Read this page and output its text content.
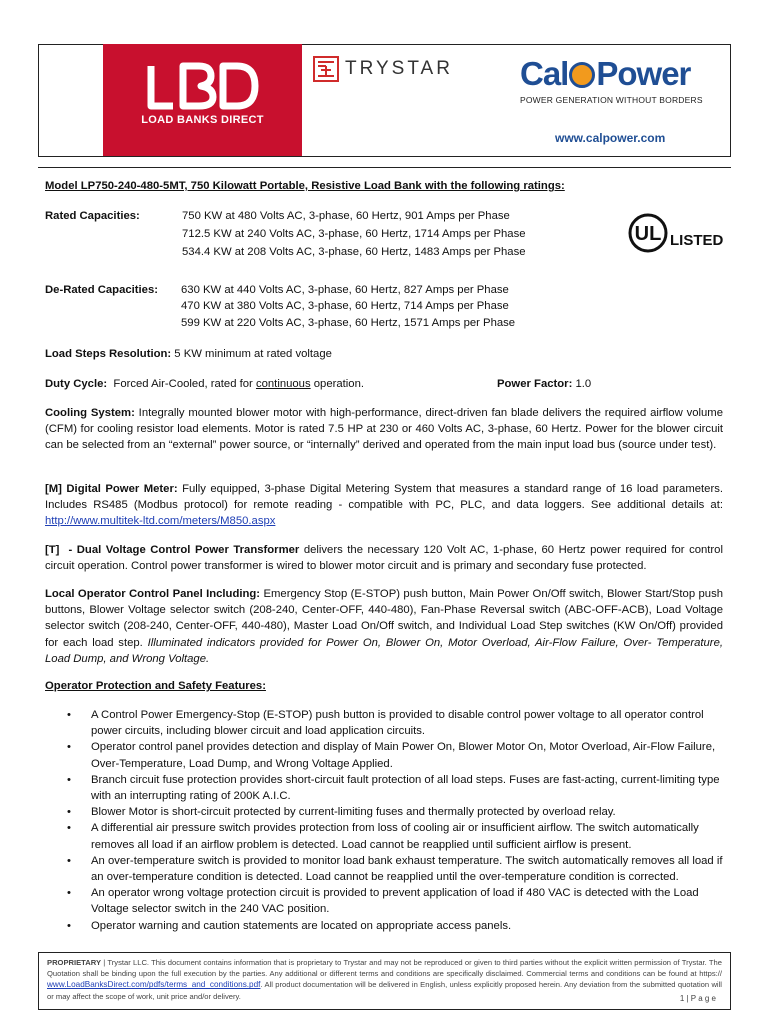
LOAD BANKS DIRECT
TRYSTAR Cal Power
POWER GENERATION WITHOUT BORDERS
www.calpower.com
Model LP750-240-480-5MT, 750 Kilowatt Portable, Resistive Load Bank with the following ratings:
Rated Capacities:	750 KW at 480 Volts AC, 3-phase, 60 Hertz, 901 Amps per Phase
712.5 KW at 240 Volts AC, 3-phase, 60 Hertz, 1714 Amps per Phase
534.4 KW at 208 Volts AC, 3-phase, 60 Hertz, 1483 Amps per Phase
UL LISTED
De-Rated Capacities: 630 KW at 440 Volts AC, 3-phase, 60 Hertz, 827 Amps per Phase
470 KW at 380 Volts AC, 3-phase, 60 Hertz, 714 Amps per Phase
599 KW at 220 Volts AC, 3-phase, 60 Hertz, 1571 Amps per Phase
Load Steps Resolution: 5 KW minimum at rated voltage
Duty Cycle:  Forced Air-Cooled, rated for continuous operation.	Power Factor: 1.0
Cooling System: Integrally mounted blower motor with high-performance, direct-driven fan blade delivers the required airflow volume (CFM) for cooling resistor load elements. Motor is rated 7.5 HP at 230 or 460 Volts AC, 3-phase, 60 Hertz. Power for the blower circuit can be selected from an “external” power source, or “internally” derived and operated from the main input load bus (source under test).
[M] Digital Power Meter: Fully equipped, 3-phase Digital Metering System that measures a standard range of 16 load parameters. Includes RS485 (Modbus protocol) for remote reading - compatible with PC, PLC, and data loggers. See additional details at: http://www.multitek-ltd.com/meters/M850.aspx
[T]  - Dual Voltage Control Power Transformer delivers the necessary 120 Volt AC, 1-phase, 60 Hertz power required for control circuit operation. Control power transformer is wired to blower motor circuit and is primary and secondary fuse protected.
Local Operator Control Panel Including: Emergency Stop (E-STOP) push button, Main Power On/Off switch, Blower Start/Stop push buttons, Blower Voltage selector switch (208-240, Center-OFF, 440-480), Fan-Phase Reversal switch (ABC-OFF-ACB), Load Voltage selector switch (208-240, Center-OFF, 440-480), Master Load On/Off switch, and Individual Load Step switches (KW On/Off) provided for each load step. Illuminated indicators provided for Power On, Blower On, Motor Overload, Air-Flow Failure, Over- Temperature, Load Dump, and Wrong Voltage.
Operator Protection and Safety Features:
• A Control Power Emergency-Stop (E-STOP) push button is provided to disable control power voltage to all operator control power circuits, including blower circuit and load application circuits.
• Operator control panel provides detection and display of Main Power On, Blower Motor On, Motor Overload, Air-Flow Failure, Over-Temperature, Load Dump, and Wrong Voltage Applied.
• Branch circuit fuse protection provides short-circuit fault protection of all load steps. Fuses are fast-acting, current-limiting type with an interrupting rating of 200K A.I.C.
• Blower Motor is short-circuit protected by current-limiting fuses and thermally protected by overload relay.
• A differential air pressure switch provides protection from loss of cooling air or insufficient airflow. The switch automatically removes all load if an airflow problem is detected. Load cannot be reapplied until sufficient airflow is present.
• An over-temperature switch is provided to monitor load bank exhaust temperature. The switch automatically removes all load if an over-temperature condition is detected. Load cannot be reapplied until the over-temperature condition is corrected.
• An operator wrong voltage protection circuit is provided to prevent application of load if 480 VAC is detected with the Load Voltage selector switch in the 240 VAC position.
• Operator warning and caution statements are located on appropriate access panels.
PROPRIETARY | Trystar LLC. This document contains information that is proprietary to Trystar and may not be reproduced or given to third parties without the explicit written permission of Trystar. The Quotation shall be binding upon the full execution by the parties. Any additional or different terms and conditions are specifically disclaimed. Commercial terms and conditions can be found at https:// www.LoadBanksDirect.com/pdfs/terms_and_conditions.pdf. All product documentation will be delivered in English, unless explicitly proposed herein. Any deviation from the submitted quotation will or may affect the scope of work, unit price and/or delivery.	1 | P a g e
